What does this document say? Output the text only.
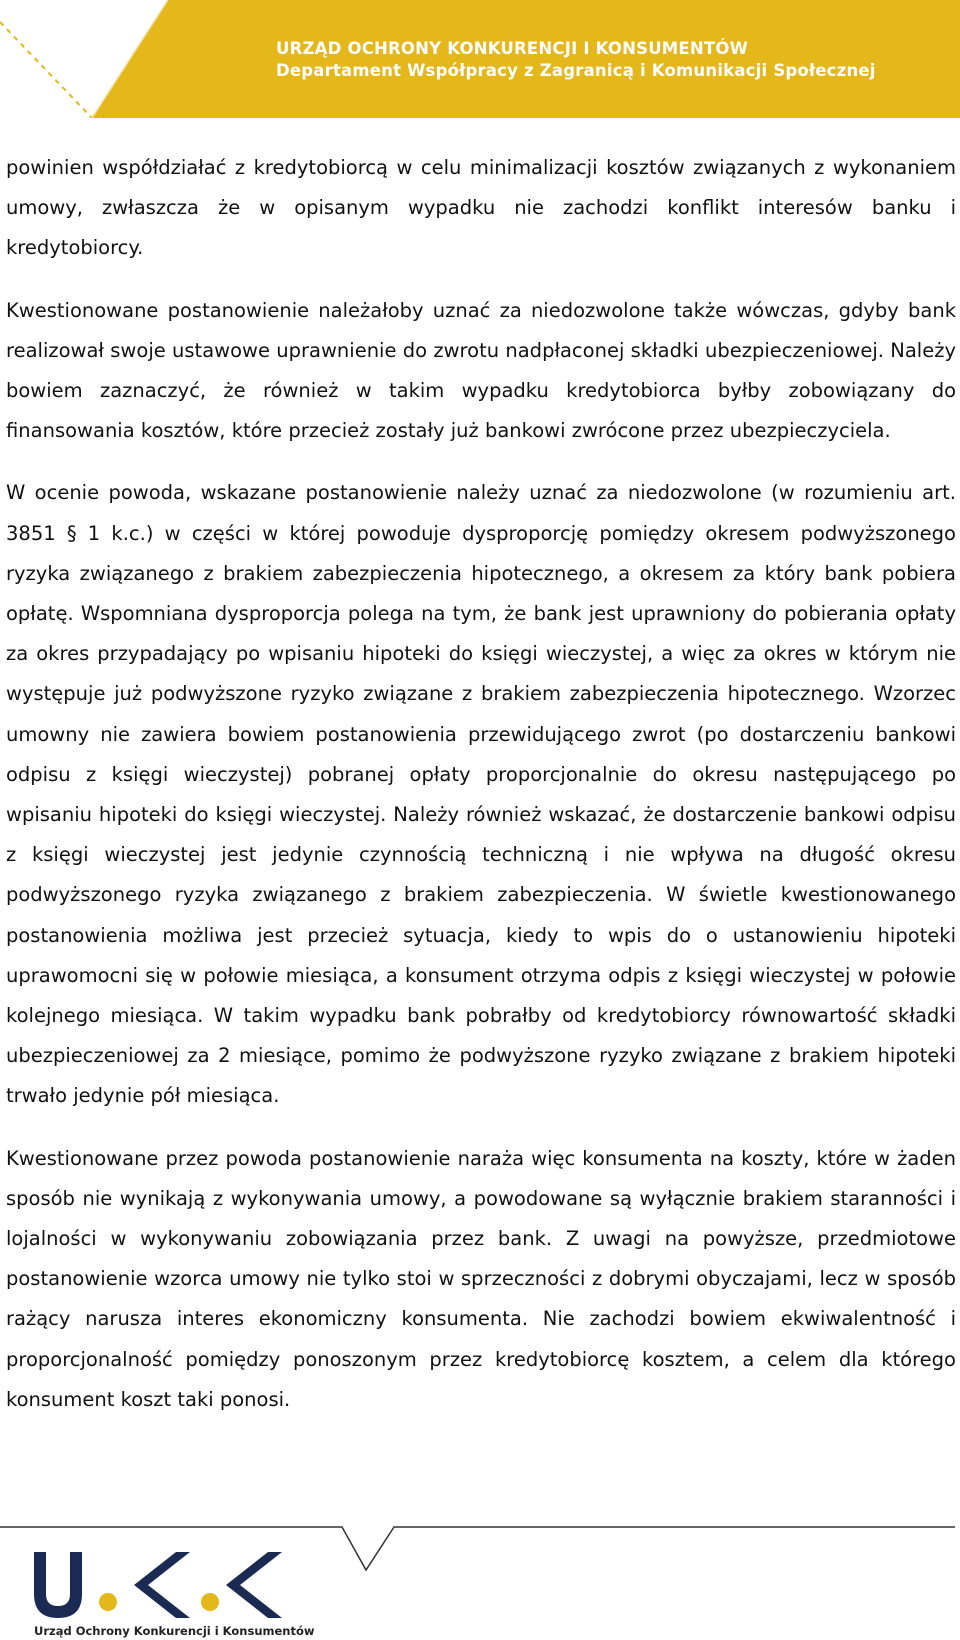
URZĄD OCHRONY KONKURENCJI I KONSUMENTÓW
Departament Współpracy z Zagranicą i Komunikacji Społecznej

powinien współdziałać z kredytobiorcą w celu minimalizacji kosztów związanych z wykonaniem umowy, zwłaszcza że w opisanym wypadku nie zachodzi konflikt interesów banku i kredytobiorcy.

Kwestionowane postanowienie należałoby uznać za niedozwolone także wówczas, gdyby bank realizował swoje ustawowe uprawnienie do zwrotu nadpłaconej składki ubezpieczeniowej. Należy bowiem zaznaczyć, że również w takim wypadku kredytobiorca byłby zobowiązany do finansowania kosztów, które przecież zostały już bankowi zwrócone przez ubezpieczyciela.

W ocenie powoda, wskazane postanowienie należy uznać za niedozwolone (w rozumieniu art. 3851 § 1 k.c.) w części w której powoduje dysproporcję pomiędzy okresem podwyższonego ryzyka związanego z brakiem zabezpieczenia hipotecznego, a okresem za który bank pobiera opłatę. Wspomniana dysproporcja polega na tym, że bank jest uprawniony do pobierania opłaty za okres przypadający po wpisaniu hipoteki do księgi wieczystej, a więc za okres w którym nie występuje już podwyższone ryzyko związane z brakiem zabezpieczenia hipotecznego. Wzorzec umowny nie zawiera bowiem postanowienia przewidującego zwrot (po dostarczeniu bankowi odpisu z księgi wieczystej) pobranej opłaty proporcjonalnie do okresu następującego po wpisaniu hipoteki do księgi wieczystej. Należy również wskazać, że dostarczenie bankowi odpisu z księgi wieczystej jest jedynie czynnością techniczną i nie wpływa na długość okresu podwyższonego ryzyka związanego z brakiem zabezpieczenia. W świetle kwestionowanego postanowienia możliwa jest przecież sytuacja, kiedy to wpis do o ustanowieniu hipoteki uprawomocni się w połowie miesiąca, a konsument otrzyma odpis z księgi wieczystej w połowie kolejnego miesiąca. W takim wypadku bank pobrałby od kredytobiorcy równowartość składki ubezpieczeniowej za 2 miesiące, pomimo że podwyższone ryzyko związane z brakiem hipoteki trwało jedynie pół miesiąca.

Kwestionowane przez powoda postanowienie naraża więc konsumenta na koszty, które w żaden sposób nie wynikają z wykonywania umowy, a powodowane są wyłącznie brakiem staranności i lojalności w wykonywaniu zobowiązania przez bank. Z uwagi na powyższe, przedmiotowe postanowienie wzorca umowy nie tylko stoi w sprzeczności z dobrymi obyczajami, lecz w sposób rażący narusza interes ekonomiczny konsumenta. Nie zachodzi bowiem ekwiwalentność i proporcjonalność pomiędzy ponoszonym przez kredytobiorcę kosztem, a celem dla którego konsument koszt taki ponosi.

Urząd Ochrony Konkurencji i Konsumentów
